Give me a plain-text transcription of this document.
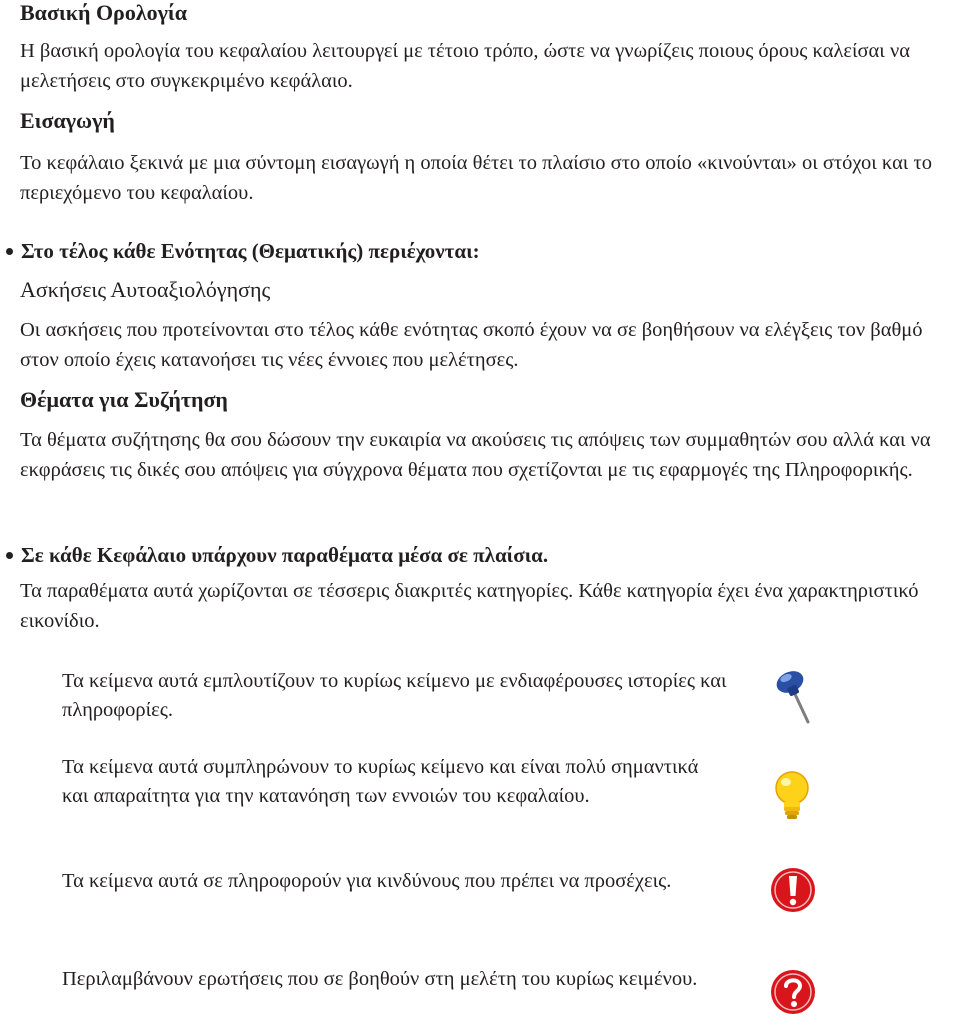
Βασική Ορολογία

Η βασική ορολογία του κεφαλαίου λειτουργεί με τέτοιο τρόπο, ώστε να γνωρίζεις ποιους όρους καλείσαι να μελετήσεις στο συγκεκριμένο κεφάλαιο.

Εισαγωγή

Το κεφάλαιο ξεκινά με μια σύντομη εισαγωγή η οποία θέτει το πλαίσιο στο οποίο «κινούνται» οι στόχοι και το περιεχόμενο του κεφαλαίου.

Στο τέλος κάθε Ενότητας (Θεματικής) περιέχονται:
Ασκήσεις Αυτοαξιολόγησης

Οι ασκήσεις που προτείνονται στο τέλος κάθε ενότητας σκοπό έχουν να σε βοηθήσουν να ελέγξεις τον βαθμό στον οποίο έχεις κατανοήσει τις νέες έννοιες που μελέτησες.

Θέματα για Συζήτηση

Τα θέματα συζήτησης θα σου δώσουν την ευκαιρία να ακούσεις τις απόψεις των συμμαθητών σου αλλά και να εκφράσεις τις δικές σου απόψεις για σύγχρονα θέματα που σχετίζονται με τις εφαρμογές της Πληροφορικής.

Σε κάθε Κεφάλαιο υπάρχουν παραθέματα μέσα σε πλαίσια.

Τα παραθέματα αυτά χωρίζονται σε τέσσερις διακριτές κατηγορίες. Κάθε κατηγορία έχει ένα χαρακτηριστικό εικονίδιο.

Τα κείμενα αυτά εμπλουτίζουν το κυρίως κείμενο με ενδιαφέρουσες ιστορίες και πληροφορίες.

Τα κείμενα αυτά συμπληρώνουν το κυρίως κείμενο και είναι πολύ σημαντικά και απαραίτητα για την κατανόηση των εννοιών του κεφαλαίου.

Τα κείμενα αυτά σε πληροφορούν για κινδύνους που πρέπει να προσέχεις.

Περιλαμβάνουν ερωτήσεις που σε βοηθούν στη μελέτη του κυρίως κειμένου.
